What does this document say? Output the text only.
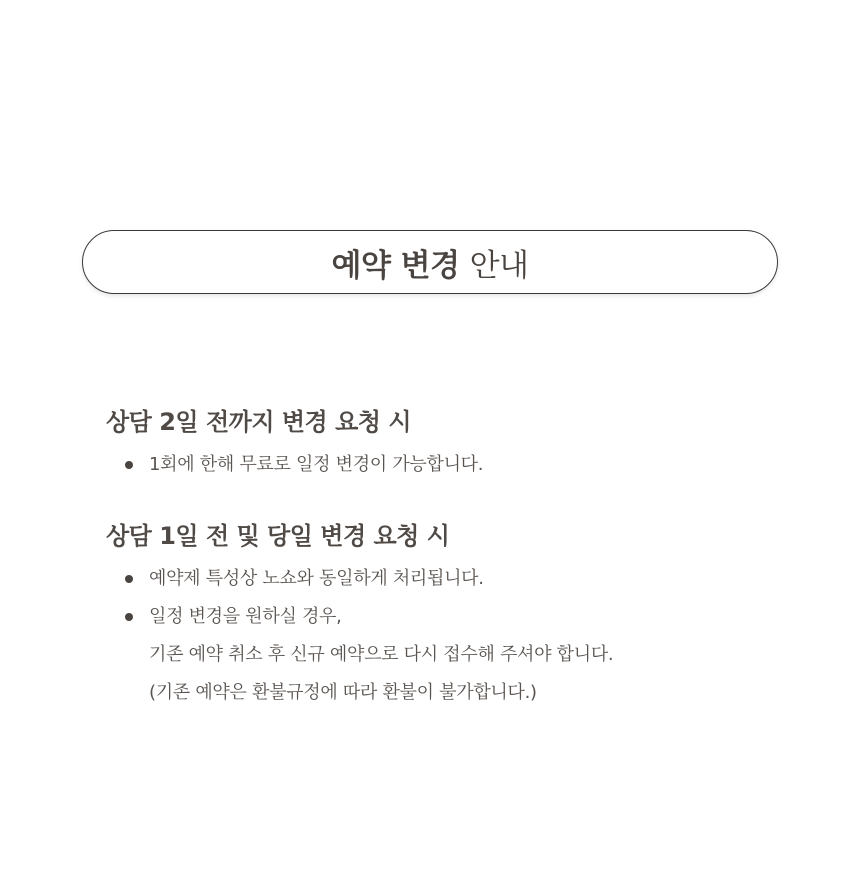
예약 변경 안내
상담 2일 전까지 변경 요청 시
1회에 한해 무료로 일정 변경이 가능합니다.
상담 1일 전 및 당일 변경 요청 시
예약제 특성상 노쇼와 동일하게 처리됩니다.
일정 변경을 원하실 경우,
기존 예약 취소 후 신규 예약으로 다시 접수해 주셔야 합니다.
(기존 예약은 환불규정에 따라 환불이 불가합니다.)
